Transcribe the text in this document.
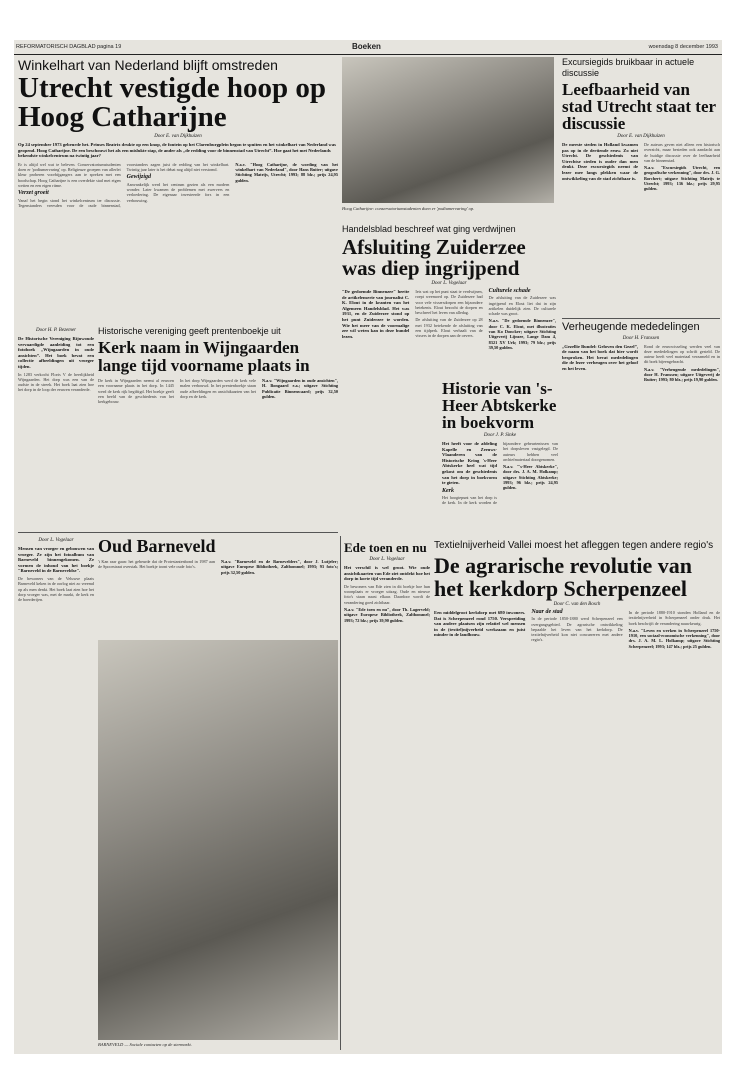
REFORMATORISCH DAGBLAD pagina 19	Boeken	woensdag 8 december 1993
Winkelhart van Nederland blijft omstreden
Utrecht vestigde hoop op Hoog Catharijne
Door E. van Dijkhuizen
Op 24 september 1973 gebeurde het. Prinses Beatrix drukte op een knop, de fontein op het Clarenburgplein begon te spuiten en het winkelhart van Nederland was geopend. Hoog Catharijne. De een beschouwt het als een mislukte stap, de ander als „de redding voor de binnenstad van Utrecht”. Hoe gaat het met Nederlands bekendste winkelcentrum na twintig jaar?

Er is altijd wel wat te beleven. Conservatoriumstudenten doen er 'podiumervaring' op. Religieuze groepen van allerlei kleur proberen voorbijgangers aan te spreken met een boodschap. Hoog Catharijne is een overdekte stad met eigen wetten en een eigen ritme.

Verzet groeit

Vanaf het begin stond het winkelcentrum ter discussie. Tegenstanders vreesden voor de oude binnenstad, voorstanders zagen juist de redding van het winkelhart. Twintig jaar later is het debat nog altijd niet verstomd.

Gewijzigd

Aanvankelijk werd het centrum gezien als een modern wonder. Later kwamen de problemen met zwervers en verloedering. De eigenaar investeerde fors in een verbouwing.

N.a.v. "Hoog Catharijne, de wording van het winkelhart van Nederland", door Hans Buiter; uitgave Stichting Matrijs, Utrecht; 1993; 88 blz.; prijs 24,95 gulden.

Hoog Catharijne: conservatoriumstudenten doen er 'podiumervaring' op.
Excursiegids bruikbaar in actuele discussie
Leefbaarheid van stad Utrecht staat ter discussie
Door E. van Dijkhuizen

De meeste steden in Holland kwamen pas op in de dertiende eeuw. Zo niet Utrecht. De geschiedenis van Utrechtse steden is ouder dan men denkt. Deze excursiegids neemt de lezer mee langs plekken waar de ontwikkeling van de stad zichtbaar is.

De auteurs geven niet alleen een historisch overzicht, maar besteden ook aandacht aan de huidige discussie over de leefbaarheid van de binnenstad.

N.a.v. "Excursiegids Utrecht, een geografische verkenning", door drs. J. G. Borchert; uitgave Stichting Matrijs te Utrecht; 1993; 136 blz.; prijs 29,95 gulden.

Handelsblad beschreef wat ging verdwijnen
Afsluiting Zuiderzee was diep ingrijpend
Door L. Vogelaar

"De gedoemde Binnenzee" heette de artikelenserie van journalist C. K. Elout in de kranten van het Algemeen Handelsblad. Het was 1931, en de Zuiderzee stond op het punt Zuiderzee te worden. Wie het meer van de voormalige zee wil weten kan in deze bundel lezen.

Iets wat op het punt staat te verdwijnen, roept weemoed op. De Zuiderzee had voor vele vissersdorpen een bijzondere betekenis. Elout bezocht de dorpen en beschreef het leven van alledag.

De afsluiting van de Zuiderzee op 28 mei 1932 betekende de afsluiting van een tijdperk. Elout verhaalt van de vissers in de dorpen aan de oevers.

Culturele schade

De afsluiting van de Zuiderzee was ingrijpend en Elout liet dat in zijn artikelen duidelijk zien. De culturele schade was groot.

N.a.v. "De gedoemde Binnenzee", door C. K. Elout, met illustraties van Ko Doncker; uitgave Stichting Uitgeverij Lijnzee, Lange Dam 4, 8321 XV Urk; 1993; 79 blz.; prijs 39,50 gulden.

Verheugende mededelingen
Door H. Franssen

„Gezellie Bundel: Geloven den Gezel”, de naam van het boek dat hier wordt besproken. Het bevat mededelingen die de lezer verheugen over het geloof en het leven.

Rond de eeuwwisseling werden veel van deze mededelingen op schrift gesteld. De auteur heeft veel materiaal verzameld en in dit boek bijeengebracht.

N.a.v. "Verheugende mededelingen", door H. Franssen; uitgave Uitgeverij de Ruiter; 1993; 80 blz.; prijs 19,90 gulden.

Historie van 's-Heer Abtskerke in boekvorm
Door J. P. Sinke

Het heeft voor de afdeling Kapelle en Zeeuws-Vlaanderen van de Historische Kring 's-Heer Abtskerke heel wat tijd gekost om de geschiedenis van het dorp in boekvorm te gieten.

Kerk

Het hoogtepunt van het dorp is de kerk. In de kerk worden de bijzondere gebeurtenissen van het dorpsleven vastgelegd. De auteurs hebben veel archiefmateriaal doorgenomen.

N.a.v. "'s-Heer Abtskerke", door drs. J. A. M. Holkamp; uitgave Stichting Abtskerke; 1993; 96 blz.; prijs 24,95 gulden.

Door H. P. Bezemer

De Historische Vereniging Rijnwoude vervaardigde aanleiding tot een fotoboek „Wijngaarden in oude ansichten”. Het boek bevat een collectie afbeeldingen uit vroeger tijden.

In 1283 verkocht Floris V de heerlijkheid Wijngaarden. Het dorp was een van de oudste in de streek. Het boek laat zien hoe het dorp in de loop der eeuwen veranderde.

Historische vereniging geeft prentenboekje uit
Kerk naam in Wijngaarden lange tijd voorname plaats in

De kerk in Wijngaarden neemt al eeuwen een voorname plaats in het dorp. In 1445 werd de kerk rijk begiftigd. Het boekje geeft een beeld van de geschiedenis van het kerkgebouw.

In het dorp Wijngaarden werd de kerk vele malen verbouwd. In het prentenboekje staan oude afbeeldingen en ansichtkaarten van het dorp en de kerk.

N.a.v. "Wijngaarden in oude ansichten", H. Bongaard e.a.; uitgave Stichting Publicatie Binnenwaard; prijs 32,50 gulden.

Door L. Vogelaar

Mensen van vroeger en gebouwen van vroeger. Ze zijn het fotoalbum van Barneveld binnengekomen. Ze vormen de inhoud van het boekje "Barneveld in de Barneveldse".

De bewoners van de Veluwse plaats Barneveld keken in de oorlog niet zo vreemd op als men denkt. Het boek laat zien hoe het dorp vroeger was, met de markt, de kerk en de boerderijen.

Oud Barneveld

't Kan raar gaan: het gebeurde dat de Protestantenbond in 1987 aan de Spoorstraat overstak. Het boekje toont vele oude foto's.

N.a.v. "Barneveld en de Barnevelders", door J. Lutjeler; uitgave Europese Bibliotheek, Zaltbommel; 1993; 93 foto's; prijs 32,50 gulden.

BARNEVELD — Sociale contacten op de stermarkt.
Ede toen en nu
Door L. Vogelaar

Het verschil is wel groot. Wie oude ansichtkaarten van Ede ziet ontdekt hoe het dorp in korte tijd veranderde.

De bewoners van Ede zien in dit boekje hoe hun woonplaats er vroeger uitzag. Oude en nieuwe foto's staan naast elkaar. Daardoor wordt de verandering goed zichtbaar.

N.a.v. "Ede toen en nu", door Th. Lagerveld; uitgave Europese Bibliotheek, Zaltbommel; 1993; 72 blz.; prijs 39,90 gulden.

Textielnijverheid Vallei moest het afleggen tegen andere regio's
De agrarische revolutie van het kerkdorp Scherpenzeel
Door C. van den Bosch

Een middelgroot kerkdorp met 680 inwoners. Dat is Scherpenzeel rond 1750. Verspreiding van andere plaatsen zijn relatief wel mensen in de (textiel)nijverheid werkzaam en juist minder in de landbouw.

Naar de stad

In de periode 1850-1880 werd Scherpenzeel een overgangsgebied. De agrarische ontwikkeling bepaalde het leven van het kerkdorp. De textielnijverheid kon niet concurreren met andere regio's.

In de periode 1880-1910 stonden Holland en de textielnijverheid in Scherpenzeel onder druk. Het boek beschrijft de verandering nauwkeurig.

N.a.v. "Leven en werken in Scherpenzeel 1750-1910, een sociaal-economische verkenning", door drs. J. A. M. L. Holkamp; uitgave Stichting Scherpenzeel; 1993; 147 blz.; prijs 25 gulden.
